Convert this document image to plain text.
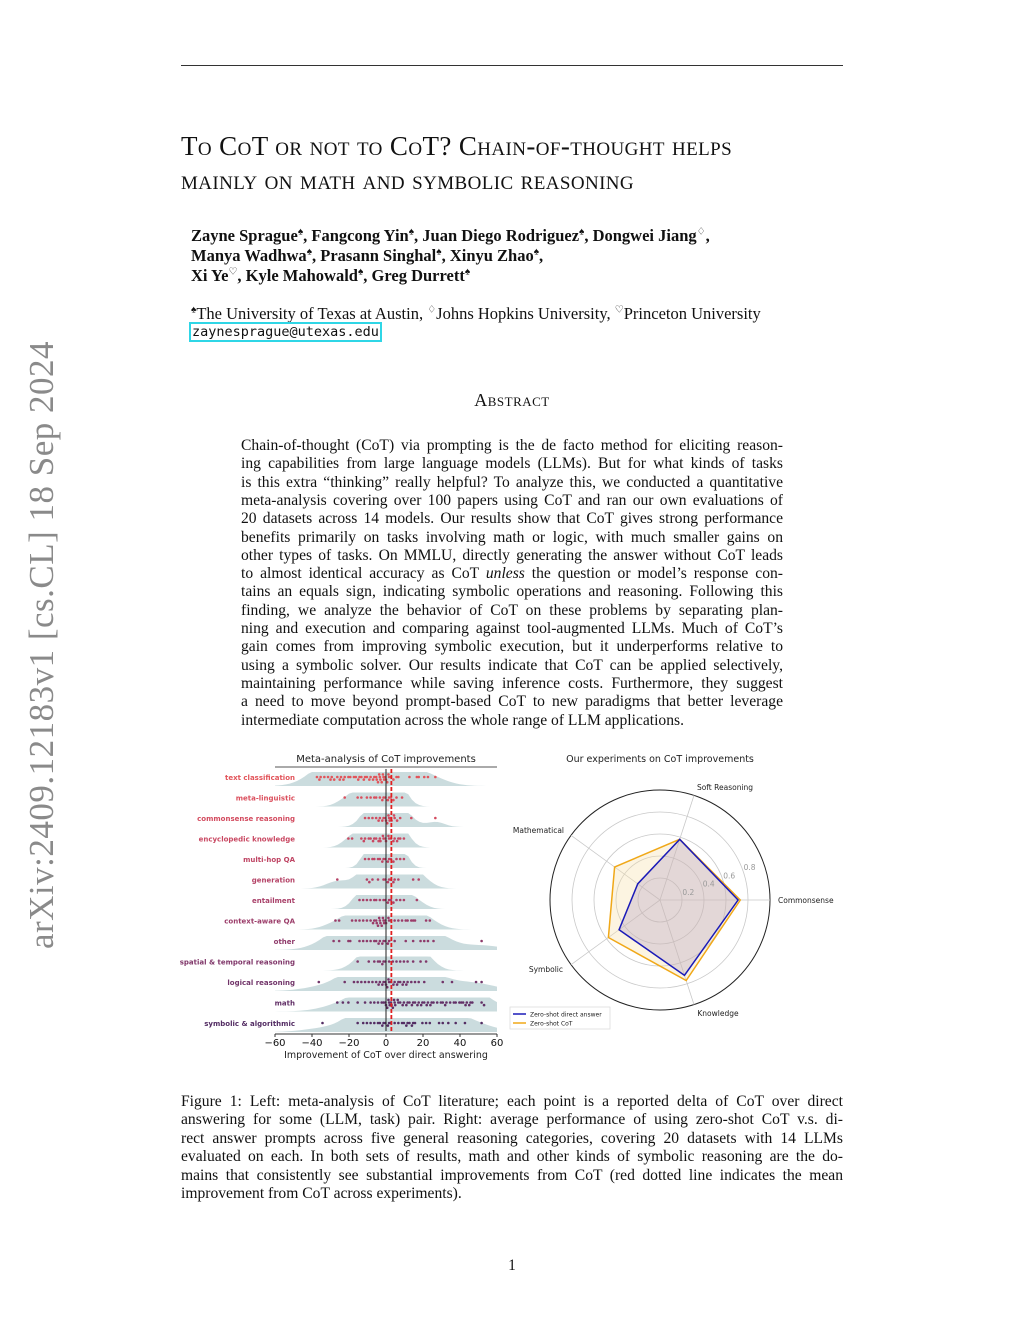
arXiv:2409.12183v1 [cs.CL] 18 Sep 2024
To CoT or not to CoT? Chain-of-thought helps
mainly on math and symbolic reasoning
Zayne Sprague♠, Fangcong Yin♠, Juan Diego Rodriguez♠, Dongwei Jiang♢,
Manya Wadhwa♠, Prasann Singhal♠, Xinyu Zhao♠,
Xi Ye♡, Kyle Mahowald♠, Greg Durrett♠
♠The University of Texas at Austin, ♢Johns Hopkins University, ♡Princeton University
zaynesprague@utexas.edu
Abstract
Chain-of-thought (CoT) via prompting is the de facto method for eliciting reason-
ing capabilities from large language models (LLMs). But for what kinds of tasks
is this extra “thinking” really helpful? To analyze this, we conducted a quantitative
meta-analysis covering over 100 papers using CoT and ran our own evaluations of
20 datasets across 14 models. Our results show that CoT gives strong performance
benefits primarily on tasks involving math or logic, with much smaller gains on
other types of tasks. On MMLU, directly generating the answer without CoT leads
to almost identical accuracy as CoT unless the question or model’s response con-
tains an equals sign, indicating symbolic operations and reasoning. Following this
finding, we analyze the behavior of CoT on these problems by separating plan-
ning and execution and comparing against tool-augmented LLMs. Much of CoT’s
gain comes from improving symbolic execution, but it underperforms relative to
using a symbolic solver. Our results indicate that CoT can be applied selectively,
maintaining performance while saving inference costs. Furthermore, they suggest
a need to move beyond prompt-based CoT to new paradigms that better leverage
intermediate computation across the whole range of LLM applications.
Meta-analysis of CoT improvements
text classification
meta-linguistic
commonsense reasoning
encyclopedic knowledge
multi-hop QA
generation
entailment
context-aware QA
other
spatial & temporal reasoning
logical reasoning
math
symbolic & algorithmic
−60 −40 −20 0	20 40 60
Improvement of CoT over direct answering
Our experiments on CoT improvements
Commonsense
Soft Reasoning
Mathematical
Symbolic
Knowledge
0.2
0.4
0.6
0.8
Zero-shot direct answer
Zero-shot CoT
Figure 1: Left: meta-analysis of CoT literature; each point is a reported delta of CoT over direct
answering for some (LLM, task) pair. Right: average performance of using zero-shot CoT v.s. di-
rect answer prompts across five general reasoning categories, covering 20 datasets with 14 LLMs
evaluated on each. In both sets of results, math and other kinds of symbolic reasoning are the do-
mains that consistently see substantial improvements from CoT (red dotted line indicates the mean
improvement from CoT across experiments).
1
